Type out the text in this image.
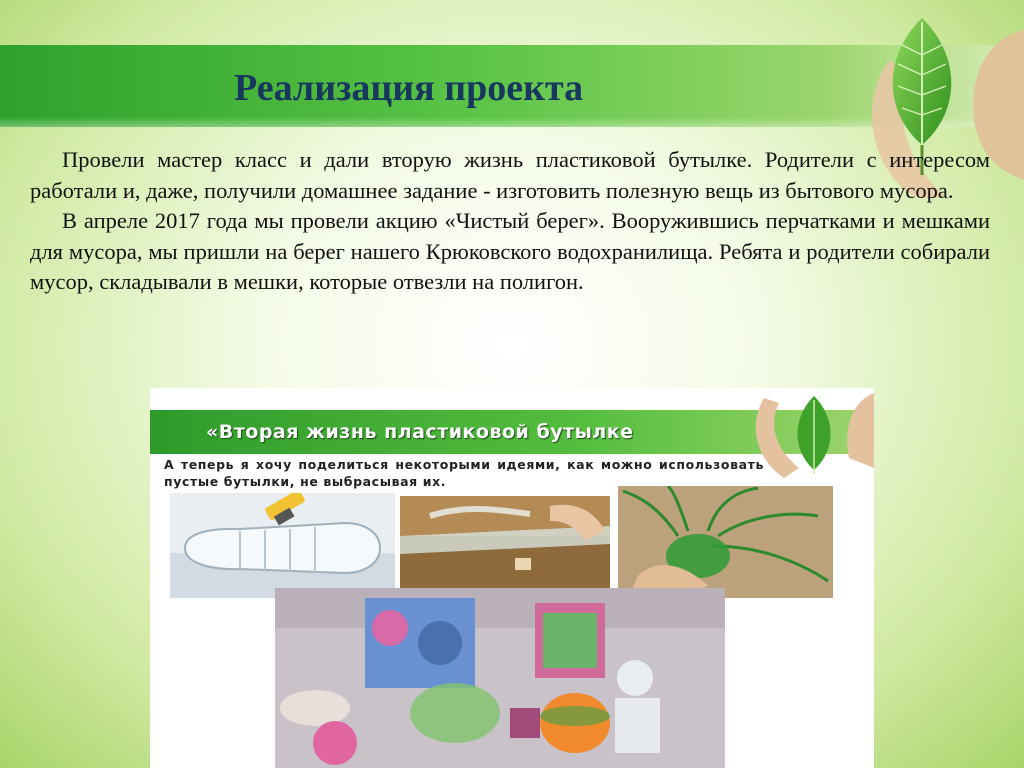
Реализация проекта

Провели мастер класс и дали вторую жизнь пластиковой бутылке. Родители с интересом работали и, даже, получили домашнее задание - изготовить полезную вещь из бытового мусора.

В апреле 2017 года мы провели акцию «Чистый берег». Вооружившись перчатками и мешками для мусора, мы пришли на берег нашего Крюковского водохранилища. Ребята и родители собирали мусор, складывали в мешки, которые отвезли на полигон.

«Вторая жизнь пластиковой бутылке
А теперь я хочу поделиться некоторыми идеями, как можно использовать пустые бутылки, не выбрасывая их.
